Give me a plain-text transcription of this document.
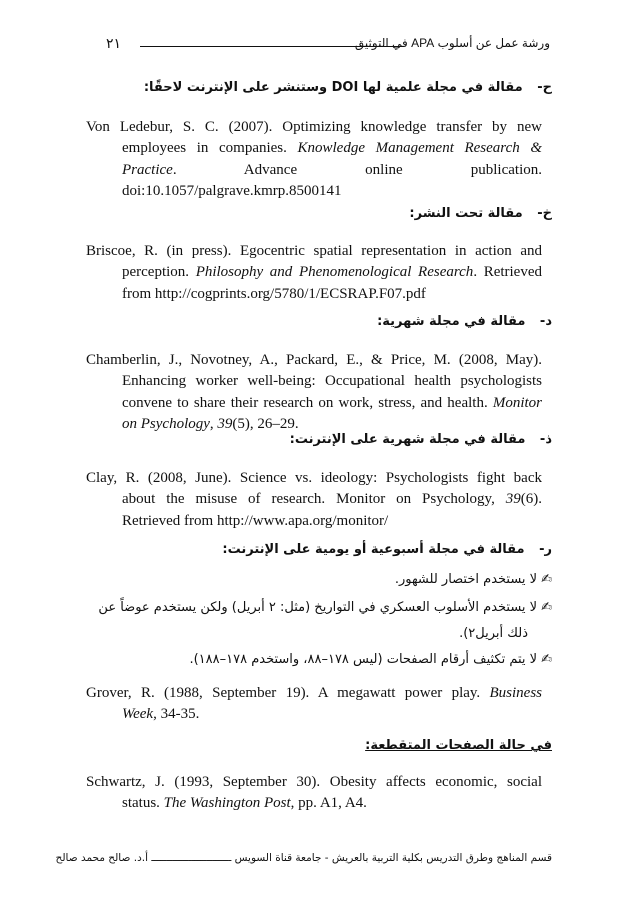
٢١	ورشة عمل عن أسلوب APA في التوثيق
ح- مقالة في مجلة علمية لها DOI وستنشر على الإنترنت لاحقًا:
Von Ledebur, S. C. (2007). Optimizing knowledge transfer by new
employees in companies. Knowledge Management Research &
Practice. Advance online publication.
doi:10.1057/palgrave.kmrp.8500141
خ- مقالة تحت النشر:
Briscoe, R. (in press). Egocentric spatial representation in action and
perception. Philosophy and Phenomenological Research. Retrieved
from http://cogprints.org/5780/1/ECSRAP.F07.pdf
د- مقالة في مجلة شهرية:
Chamberlin, J., Novotney, A., Packard, E., & Price, M. (2008, May).
Enhancing worker well-being: Occupational health psychologists
convene to share their research on work, stress, and health. Monitor
on Psychology, 39(5), 26–29.
ذ- مقالة في مجلة شهرية على الإنترنت:
Clay, R. (2008, June). Science vs. ideology: Psychologists fight back
about the misuse of research. Monitor on Psychology, 39(6).
Retrieved from http://www.apa.org/monitor/
ر- مقالة في مجلة أسبوعية أو يومية على الإنترنت:
✍لا يستخدم اختصار للشهور.
✍لا يستخدم الأسلوب العسكري في التواريخ (مثل: ٢ أبريل) ولكن يستخدم عوضاً عن
ذلك أبريل٢).
✍لا يتم تكثيف أرقام الصفحات (ليس ١٧٨–٨٨، واستخدم ١٧٨–١٨٨).
Grover, R. (1988, September 19). A megawatt power play. Business
Week, 34-35.
في حالة الصفحات المتقطعة:
Schwartz, J. (1993, September 30). Obesity affects economic, social
status. The Washington Post, pp. A1, A4.
قسم المناهج وطرق التدريس بكلية التربية بالعريش - جامعة قناة السويس ــــــــــــــــــــــــــ أ.د. صالح محمد صالح
